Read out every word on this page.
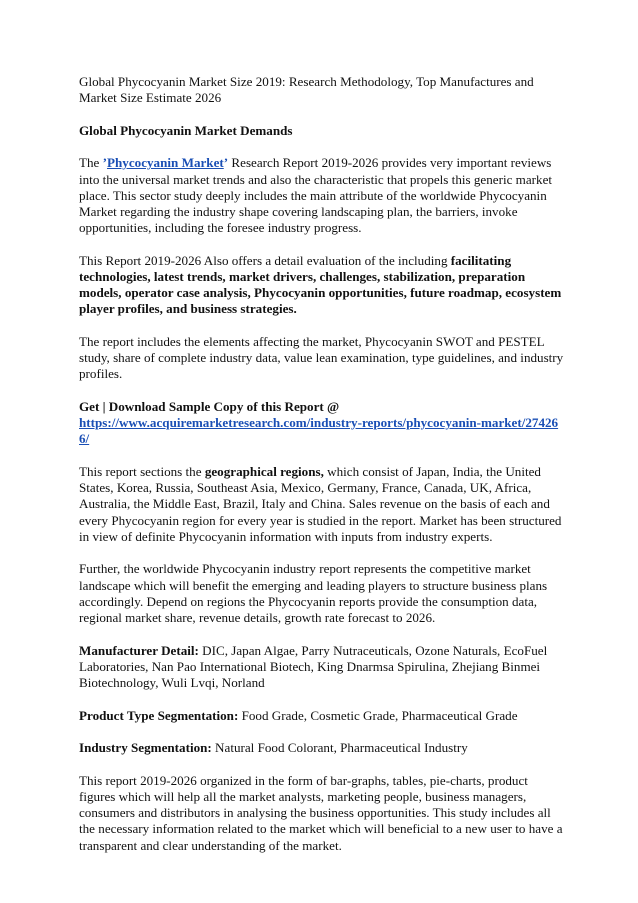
Global Phycocyanin Market Size 2019: Research Methodology, Top Manufactures and Market Size Estimate 2026

Global Phycocyanin Market Demands

The ’Phycocyanin Market’ Research Report 2019-2026 provides very important reviews into the universal market trends and also the characteristic that propels this generic market place. This sector study deeply includes the main attribute of the worldwide Phycocyanin Market regarding the industry shape covering landscaping plan, the barriers, invoke opportunities, including the foresee industry progress.

This Report 2019-2026 Also offers a detail evaluation of the including facilitating technologies, latest trends, market drivers, challenges, stabilization, preparation models, operator case analysis, Phycocyanin opportunities, future roadmap, ecosystem player profiles, and business strategies.

The report includes the elements affecting the market, Phycocyanin SWOT and PESTEL study, share of complete industry data, value lean examination, type guidelines, and industry profiles.

Get | Download Sample Copy of this Report @
https://www.acquiremarketresearch.com/industry-reports/phycocyanin-market/274266/

This report sections the geographical regions, which consist of Japan, India, the United States, Korea, Russia, Southeast Asia, Mexico, Germany, France, Canada, UK, Africa, Australia, the Middle East, Brazil, Italy and China. Sales revenue on the basis of each and every Phycocyanin region for every year is studied in the report. Market has been structured in view of definite Phycocyanin information with inputs from industry experts.

Further, the worldwide Phycocyanin industry report represents the competitive market landscape which will benefit the emerging and leading players to structure business plans accordingly. Depend on regions the Phycocyanin reports provide the consumption data, regional market share, revenue details, growth rate forecast to 2026.

Manufacturer Detail: DIC, Japan Algae, Parry Nutraceuticals, Ozone Naturals, EcoFuel Laboratories, Nan Pao International Biotech, King Dnarmsa Spirulina, Zhejiang Binmei Biotechnology, Wuli Lvqi, Norland

Product Type Segmentation: Food Grade, Cosmetic Grade, Pharmaceutical Grade

Industry Segmentation: Natural Food Colorant, Pharmaceutical Industry

This report 2019-2026 organized in the form of bar-graphs, tables, pie-charts, product figures which will help all the market analysts, marketing people, business managers, consumers and distributors in analysing the business opportunities. This study includes all the necessary information related to the market which will beneficial to a new user to have a transparent and clear understanding of the market.
